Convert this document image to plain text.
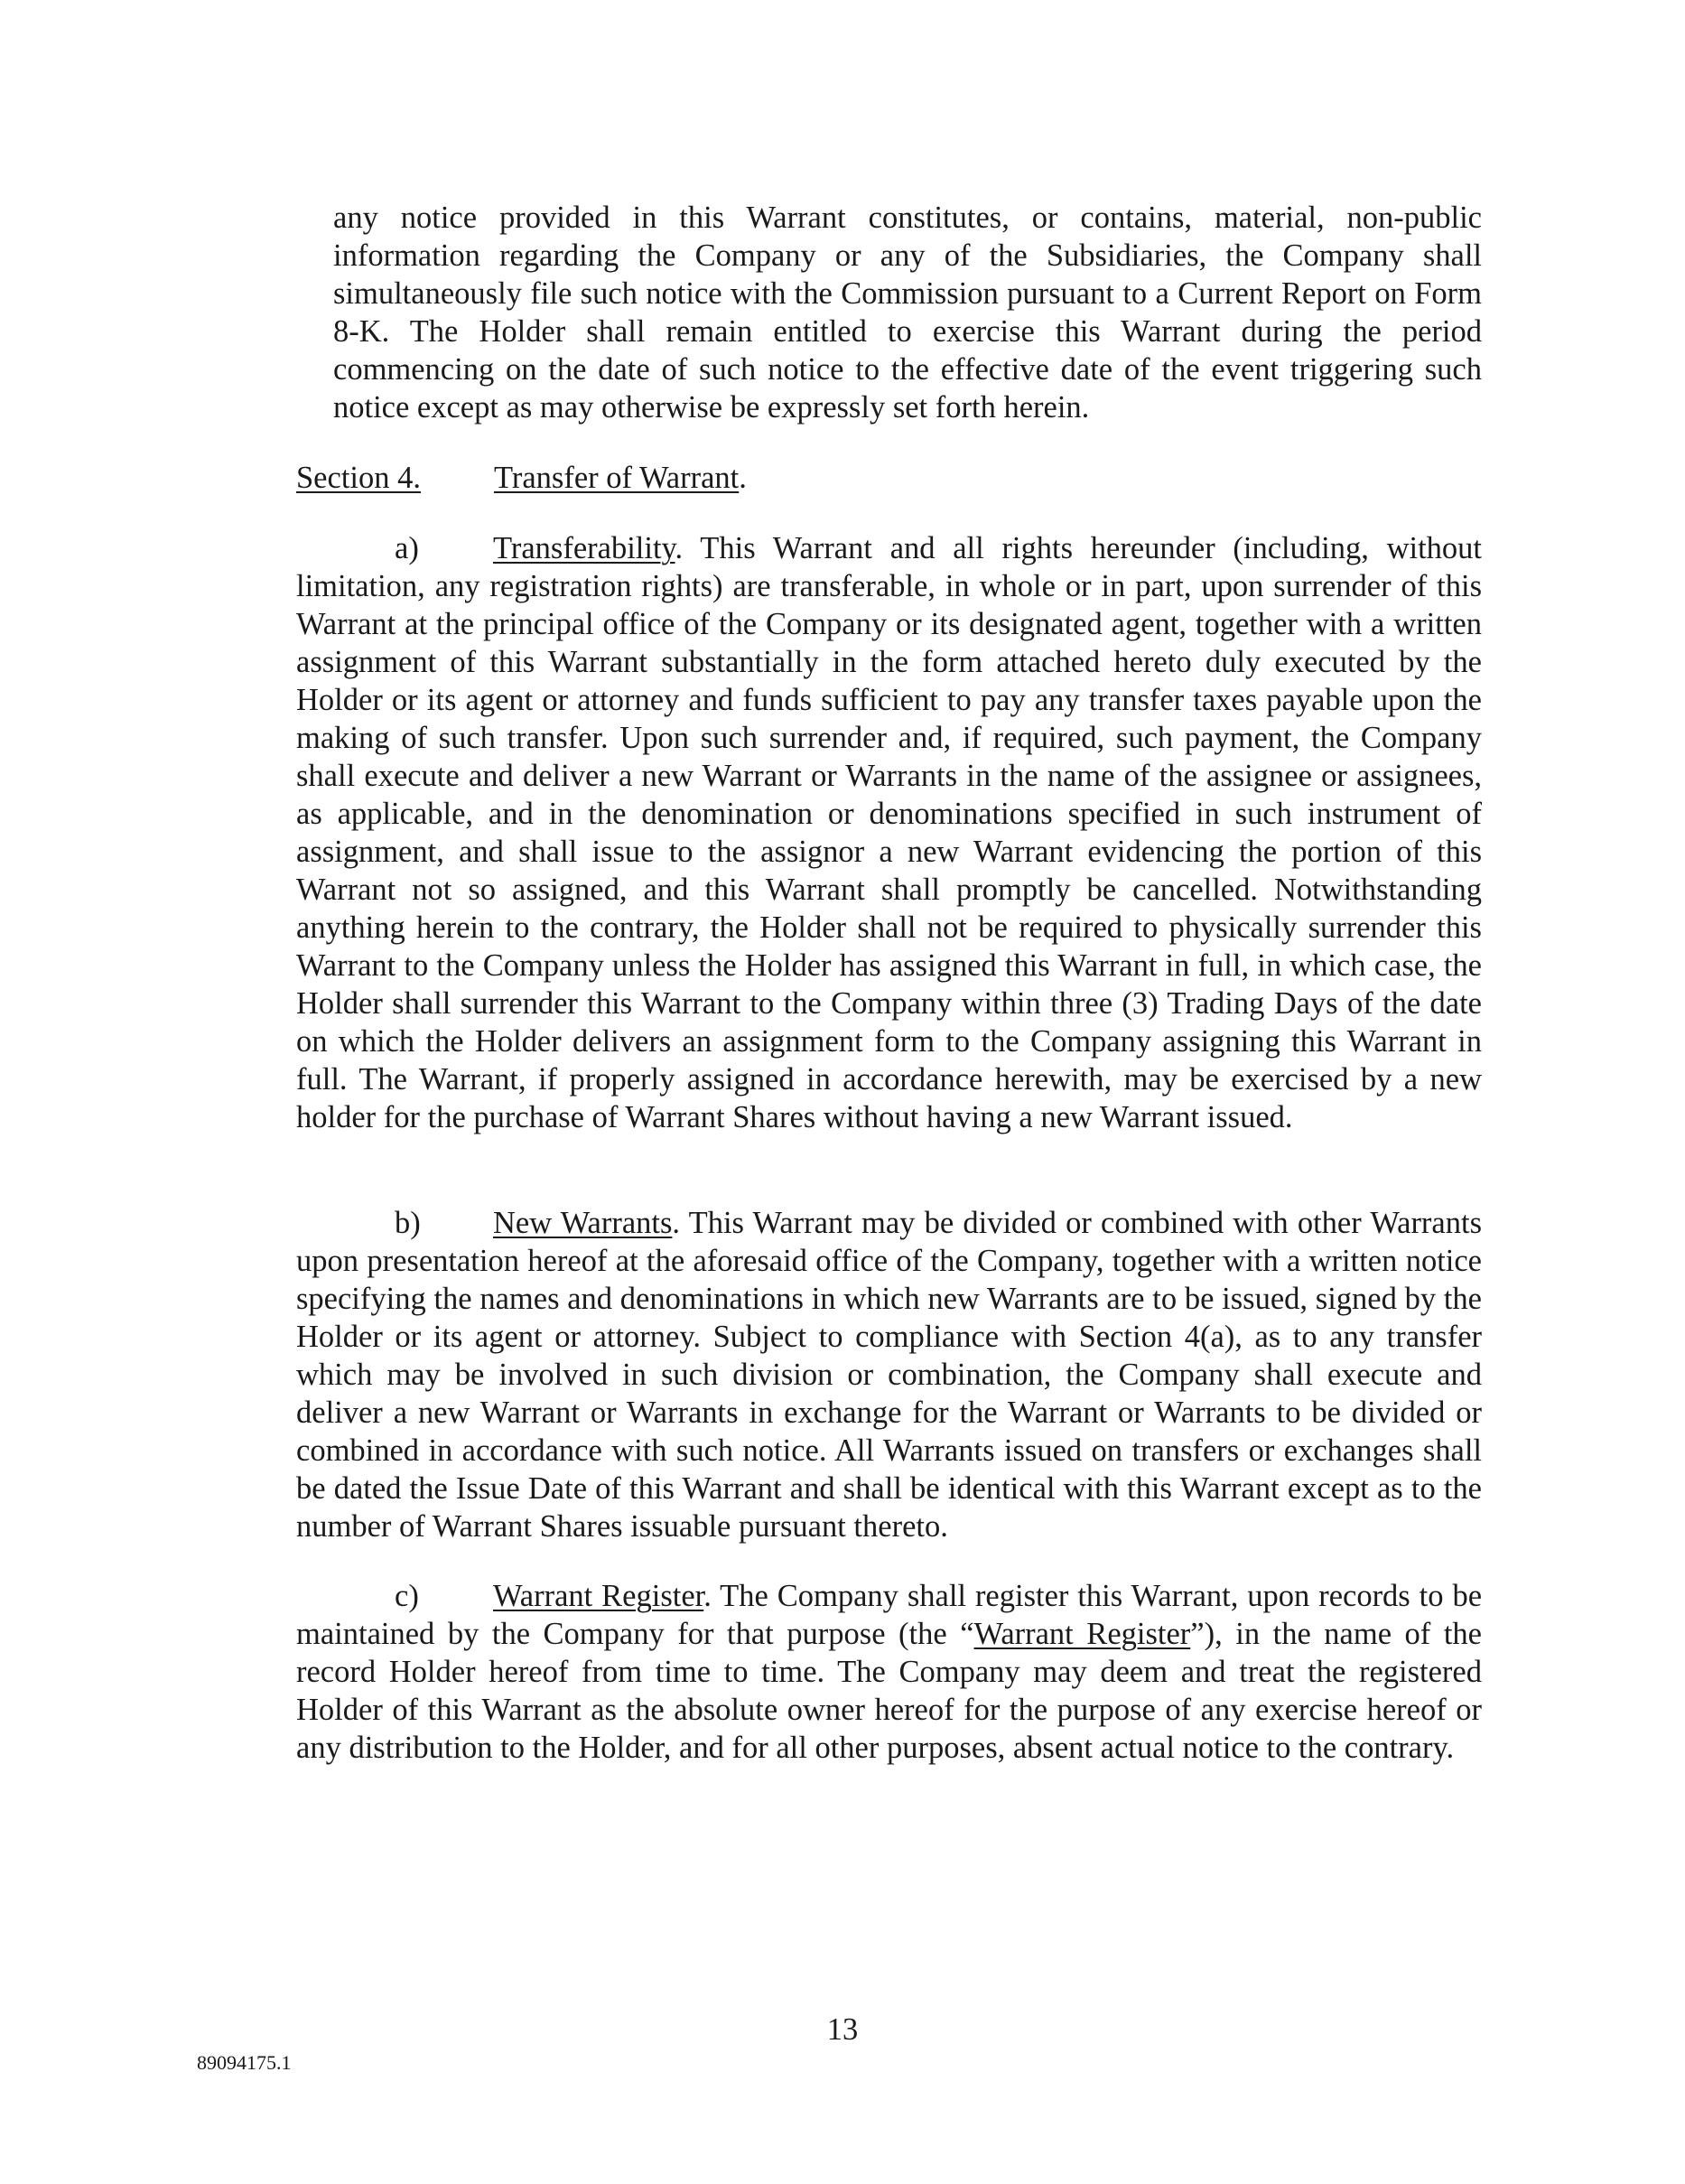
any notice provided in this Warrant constitutes, or contains, material, non-public information regarding the Company or any of the Subsidiaries, the Company shall simultaneously file such notice with the Commission pursuant to a Current Report on Form 8-K. The Holder shall remain entitled to exercise this Warrant during the period commencing on the date of such notice to the effective date of the event triggering such notice except as may otherwise be expressly set forth herein.

Section 4. Transfer of Warrant.

a) Transferability. This Warrant and all rights hereunder (including, without limitation, any registration rights) are transferable, in whole or in part, upon surrender of this Warrant at the principal office of the Company or its designated agent, together with a written assignment of this Warrant substantially in the form attached hereto duly executed by the Holder or its agent or attorney and funds sufficient to pay any transfer taxes payable upon the making of such transfer. Upon such surrender and, if required, such payment, the Company shall execute and deliver a new Warrant or Warrants in the name of the assignee or assignees, as applicable, and in the denomination or denominations specified in such instrument of assignment, and shall issue to the assignor a new Warrant evidencing the portion of this Warrant not so assigned, and this Warrant shall promptly be cancelled. Notwithstanding anything herein to the contrary, the Holder shall not be required to physically surrender this Warrant to the Company unless the Holder has assigned this Warrant in full, in which case, the Holder shall surrender this Warrant to the Company within three (3) Trading Days of the date on which the Holder delivers an assignment form to the Company assigning this Warrant in full. The Warrant, if properly assigned in accordance herewith, may be exercised by a new holder for the purchase of Warrant Shares without having a new Warrant issued.

b) New Warrants. This Warrant may be divided or combined with other Warrants upon presentation hereof at the aforesaid office of the Company, together with a written notice specifying the names and denominations in which new Warrants are to be issued, signed by the Holder or its agent or attorney. Subject to compliance with Section 4(a), as to any transfer which may be involved in such division or combination, the Company shall execute and deliver a new Warrant or Warrants in exchange for the Warrant or Warrants to be divided or combined in accordance with such notice. All Warrants issued on transfers or exchanges shall be dated the Issue Date of this Warrant and shall be identical with this Warrant except as to the number of Warrant Shares issuable pursuant thereto.

c) Warrant Register. The Company shall register this Warrant, upon records to be maintained by the Company for that purpose (the “Warrant Register”), in the name of the record Holder hereof from time to time. The Company may deem and treat the registered Holder of this Warrant as the absolute owner hereof for the purpose of any exercise hereof or any distribution to the Holder, and for all other purposes, absent actual notice to the contrary.

13
89094175.1
